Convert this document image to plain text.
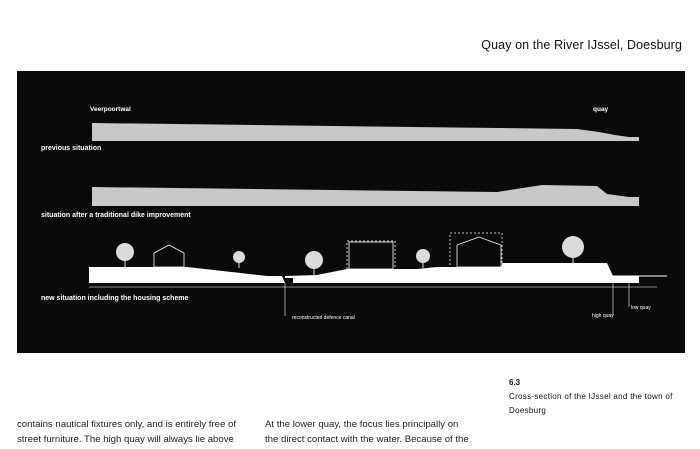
Quay on the River IJssel, Doesburg
Veerpoortwal	quay
previous situation
situation after a traditional dike improvement
new situation including the housing scheme
reconstructed defence canal	high quay
low quay
6.3
Cross-section of the IJssel and the town of Doesburg
contains nautical fixtures only, and is entirely free of
street furniture. The high quay will always lie above
At the lower quay, the focus lies principally on
the direct contact with the water. Because of the
